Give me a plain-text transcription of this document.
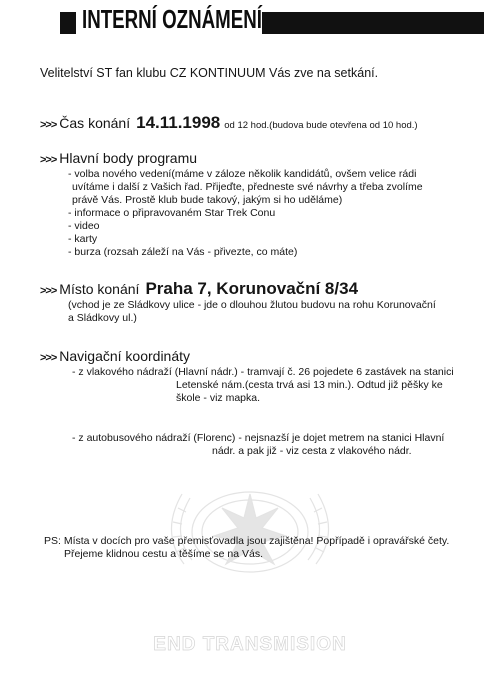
INTERNÍ OZNÁMENÍ

Velitelství ST fan klubu CZ KONTINUUM Vás zve na setkání.

>>> Čas konání 14.11.1998 od 12 hod.(budova bude otevřena od 10 hod.)
>>> Hlavní body programu

- volba nového vedení(máme v záloze několik kandidátů, ovšem velice rádi

uvítáme i další z Vašich řad. Přijeďte, předneste své návrhy a třeba zvolíme

právě Vás. Prostě klub bude takový, jakým si ho uděláme)

- informace o připravovaném Star Trek Conu

- video

- karty

- burza (rozsah záleží na Vás - přivezte, co máte)

>>> Místo konání Praha 7, Korunovační 8/34

(vchod je ze Sládkovy ulice - jde o dlouhou žlutou budovu na rohu Korunovační

a Sládkovy ul.)

>>> Navigační koordináty

- z vlakového nádraží (Hlavní nádr.) - tramvají č. 26 pojedete 6 zastávek na stanici

Letenské nám.(cesta trvá asi 13 min.). Odtud již pěšky ke

škole - viz mapka.

- z autobusového nádraží (Florenc) - nejsnazší je dojet metrem na stanici Hlavní

nádr. a pak již - viz cesta z vlakového nádr.

PS: Místa v docích pro vaše přemisťovadla jsou zajištěna! Popřípadě i opravářské čety.

Přejeme klidnou cestu a těšíme se na Vás.

END TRANSMISION
